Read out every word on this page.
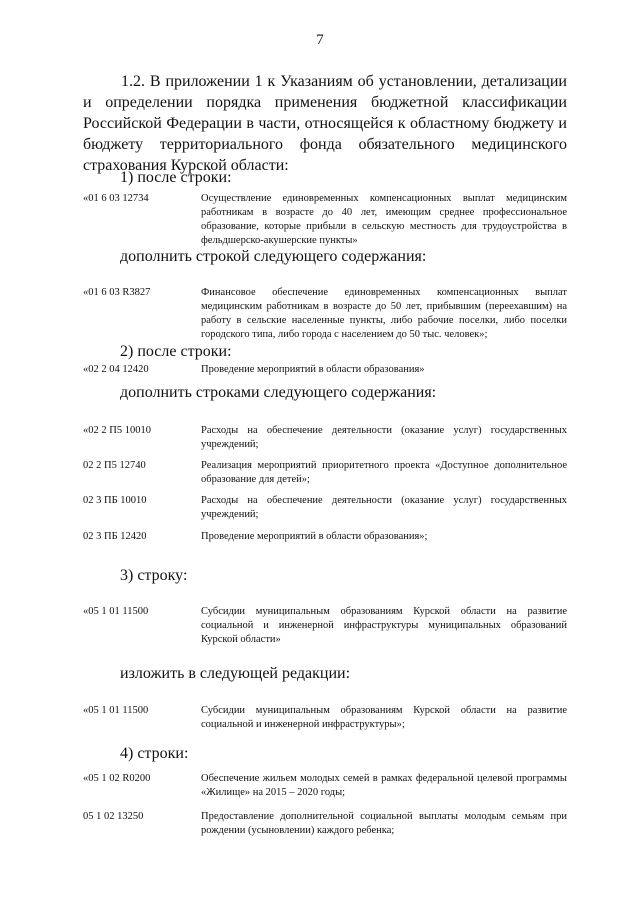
7
1.2. В приложении 1 к Указаниям об установлении, детализации и определении порядка применения бюджетной классификации Российской Федерации в части, относящейся к областному бюджету и бюджету территориального фонда обязательного медицинского страхования Курской области:
1) после строки:
«01 6 03 12734	Осуществление единовременных компенсационных выплат медицинским работникам в возрасте до 40 лет, имеющим среднее профессиональное образование, которые прибыли в сельскую местность для трудоустройства в фельдшерско-акушерские пункты»
дополнить строкой следующего содержания:
«01 6 03 R3827	Финансовое обеспечение единовременных компенсационных выплат медицинским работникам в возрасте до 50 лет, прибывшим (переехавшим) на работу в сельские населенные пункты, либо рабочие поселки, либо поселки городского типа, либо города с населением до 50 тыс. человек»;
2) после строки:
«02 2 04 12420	Проведение мероприятий в области образования»
дополнить строками следующего содержания:
«02 2 П5 10010	Расходы на обеспечение деятельности (оказание услуг) государственных учреждений;
02 2 П5 12740	Реализация мероприятий приоритетного проекта «Доступное дополнительное образование для детей»;
02 3 ПБ 10010	Расходы на обеспечение деятельности (оказание услуг) государственных учреждений;
02 3 ПБ 12420	Проведение мероприятий в области образования»;
3) строку:
«05 1 01 11500	Субсидии муниципальным образованиям Курской области на развитие социальной и инженерной инфраструктуры муниципальных образований Курской области»
изложить в следующей редакции:
«05 1 01 11500	Субсидии муниципальным образованиям Курской области на развитие социальной и инженерной инфраструктуры»;
4) строки:
«05 1 02 R0200	Обеспечение жильем молодых семей в рамках федеральной целевой программы «Жилище» на 2015 – 2020 годы;
05 1 02 13250	Предоставление дополнительной социальной выплаты молодым семьям при рождении (усыновлении) каждого ребенка;
